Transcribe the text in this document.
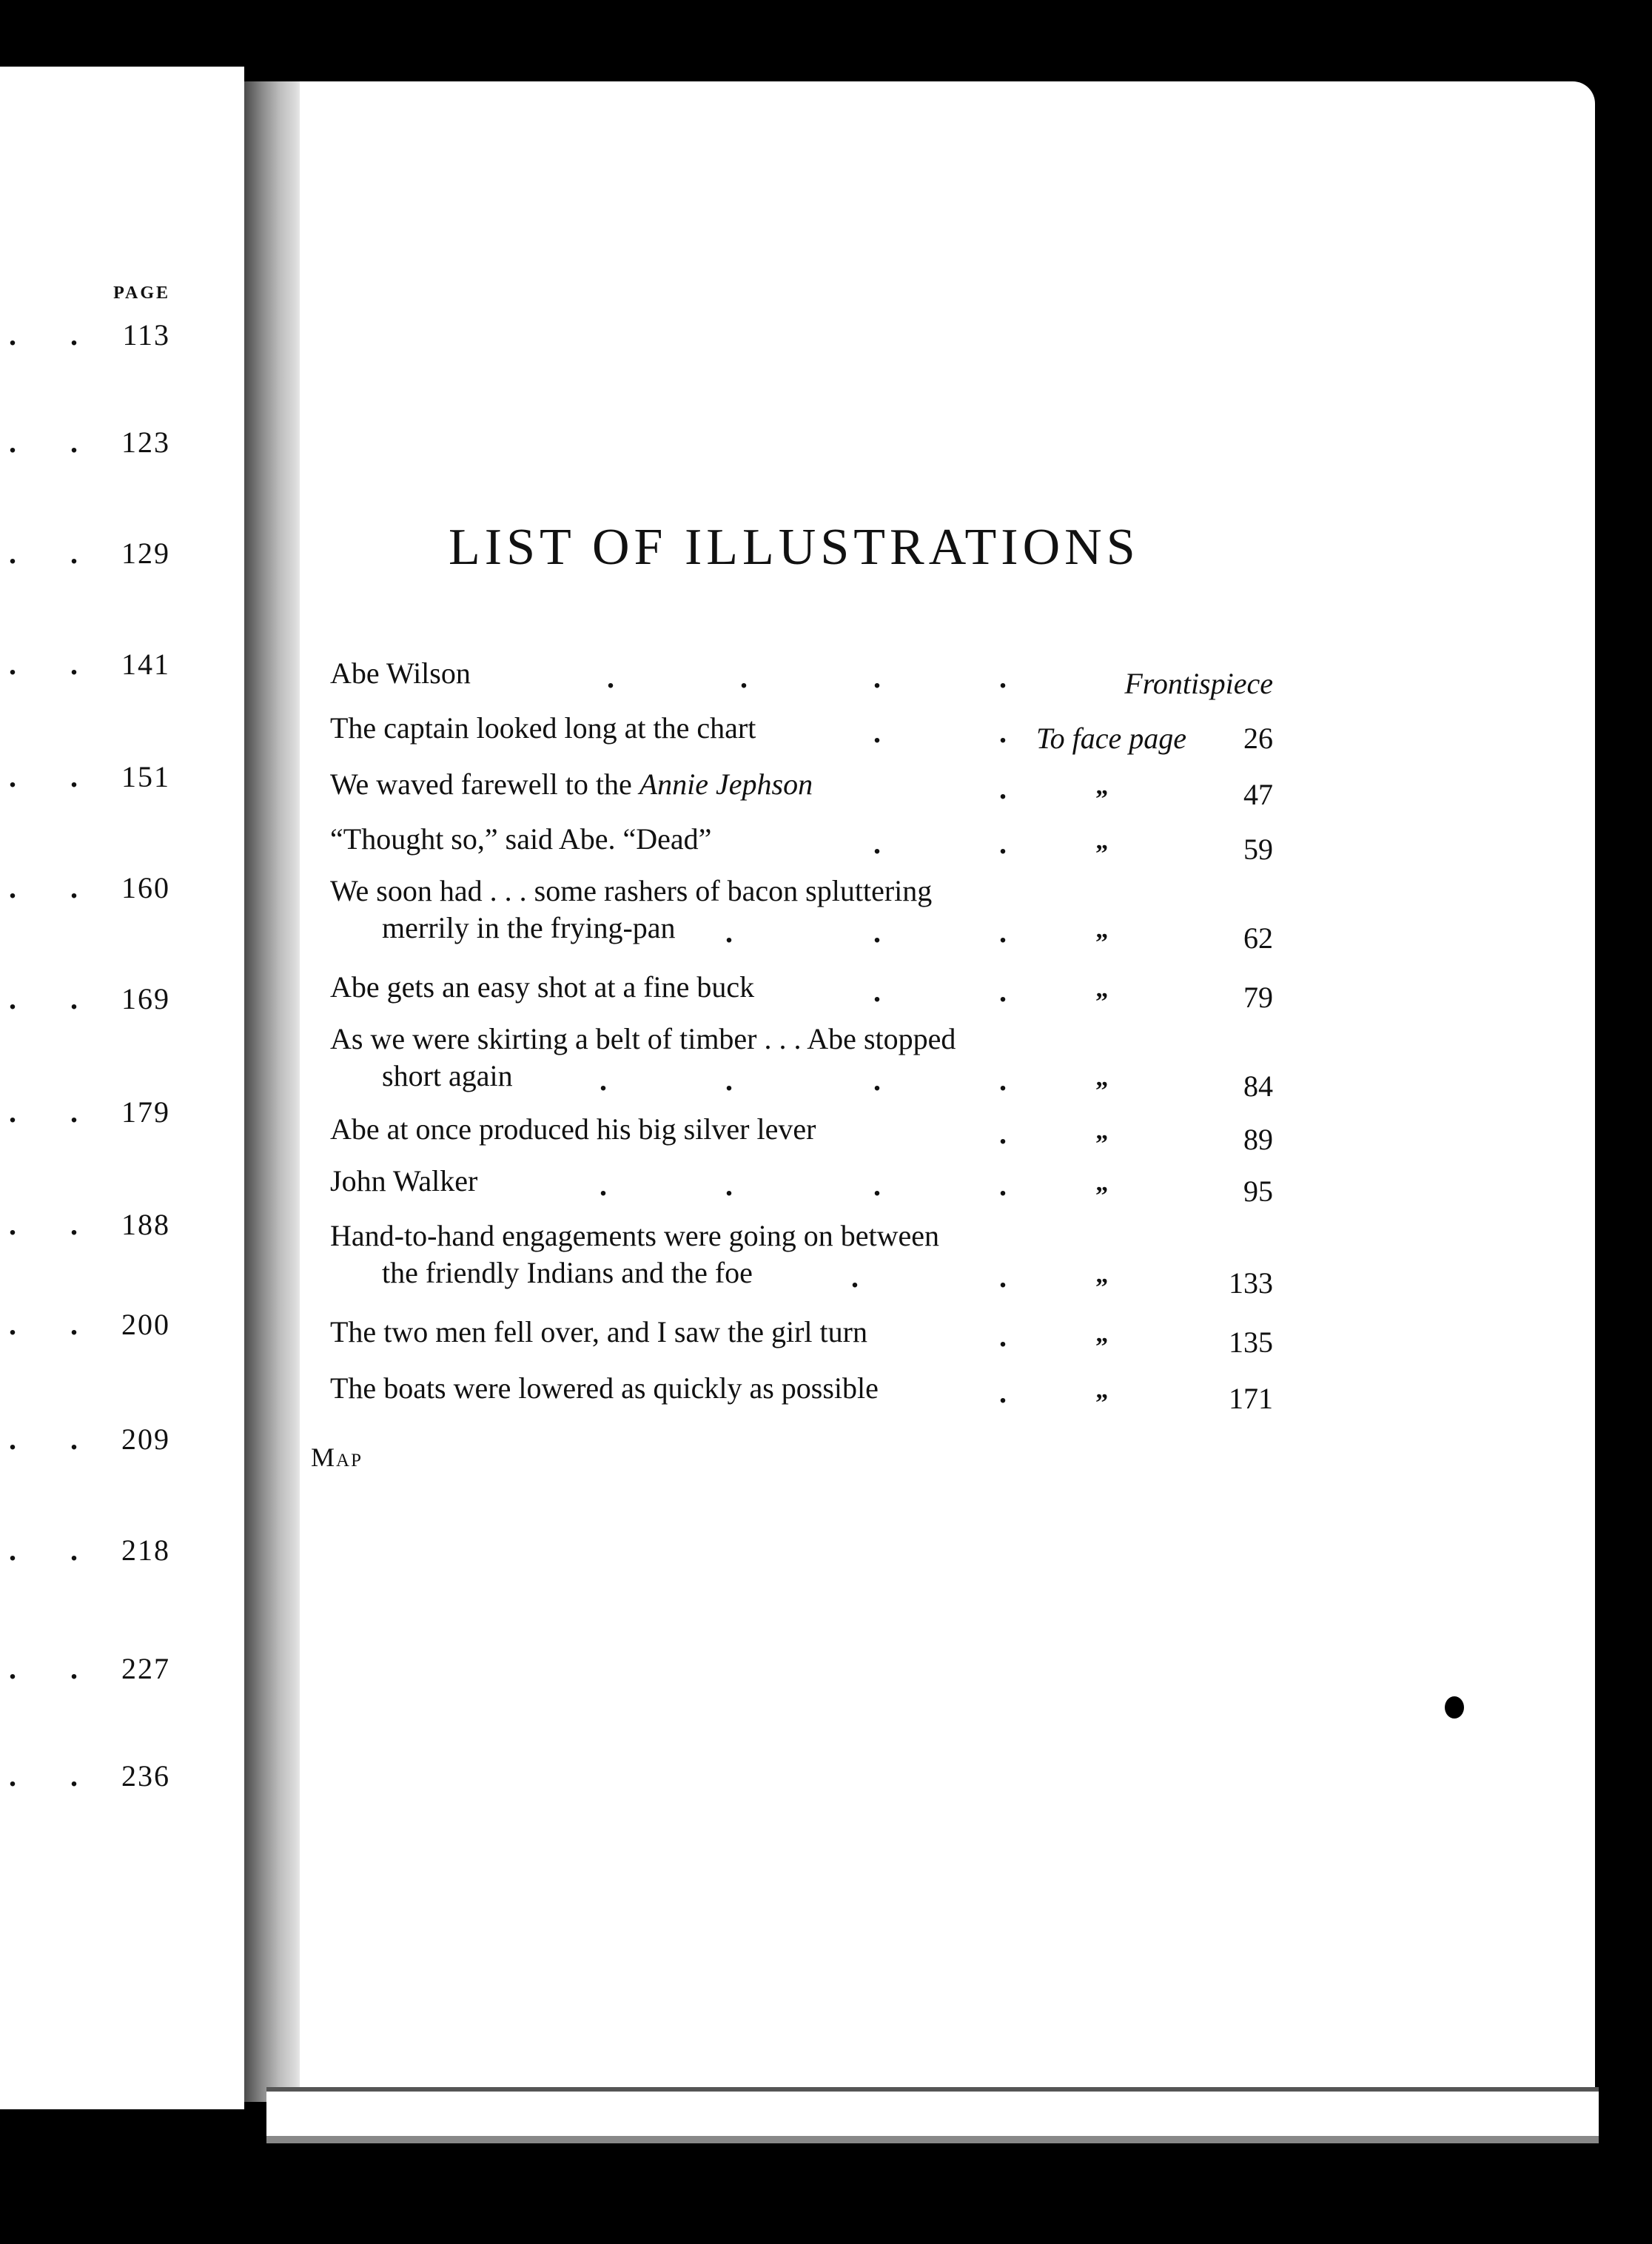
PAGE
. . 113
. . 123
. . 129
. . 141
. . 151
. . 160
. . 169
. . 179
. . 188
. . 200
. . 209
. . 218
. . 227
. . 236
LIST OF ILLUSTRATIONS
Abe Wilson	.	.	.	.	Frontispiece
The captain looked long at the chart	.	. To face page	26
We waved farewell to the Annie Jephson	.	”	47
“Thought so,” said Abe. “Dead”	.	.	”	59
We soon had . . . some rashers of bacon spluttering
merrily in the frying-pan .	.	.	”	62
Abe gets an easy shot at a fine buck	.	.	”	79
As we were skirting a belt of timber . . . Abe stopped
short again	.	.	.	.	”	84
Abe at once produced his big silver lever	.	”	89
John Walker	.	.	.	.	”	95
Hand-to-hand engagements were going on between
the friendly Indians and the foe	.	.	”	133
The two men fell over, and I saw the girl turn	.	”	135
The boats were lowered as quickly as possible	.	”	171
Map
